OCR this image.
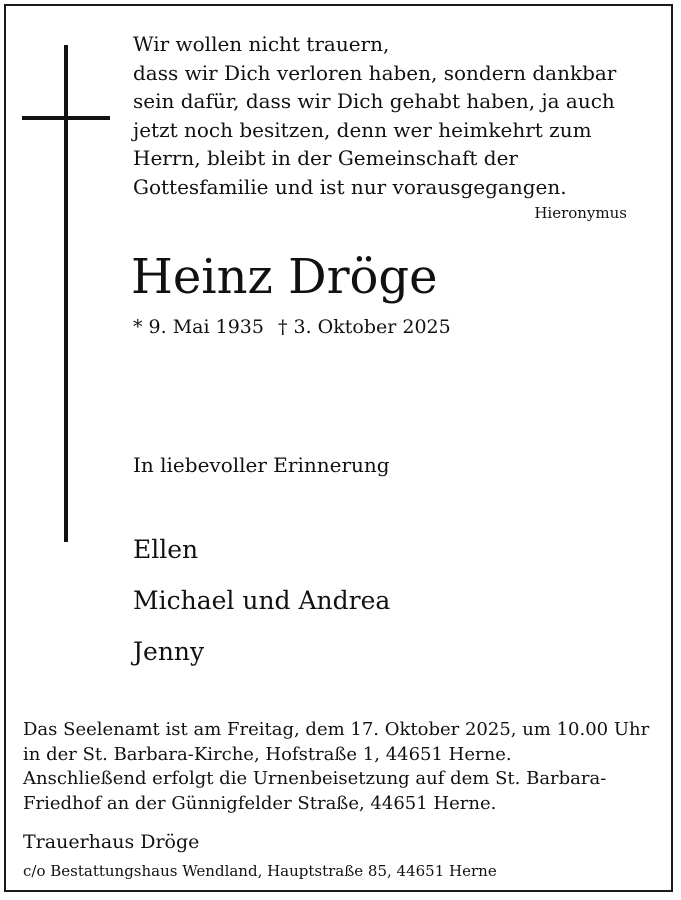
Wir wollen nicht trauern,
dass wir Dich verloren haben, sondern dankbar
sein dafür, dass wir Dich gehabt haben, ja auch
jetzt noch besitzen, denn wer heimkehrt zum
Herrn, bleibt in der Gemeinschaft der
Gottesfamilie und ist nur vorausgegangen.
Hieronymus
Heinz Dröge
* 9. Mai 1935 † 3. Oktober 2025
In liebevoller Erinnerung
Ellen
Michael und Andrea
Jenny
Das Seelenamt ist am Freitag, dem 17. Oktober 2025, um 10.00 Uhr
in der St. Barbara-Kirche, Hofstraße 1, 44651 Herne.
Anschließend erfolgt die Urnenbeisetzung auf dem St. Barbara-
Friedhof an der Günnigfelder Straße, 44651 Herne.
Trauerhaus Dröge
c/o Bestattungshaus Wendland, Hauptstraße 85, 44651 Herne
